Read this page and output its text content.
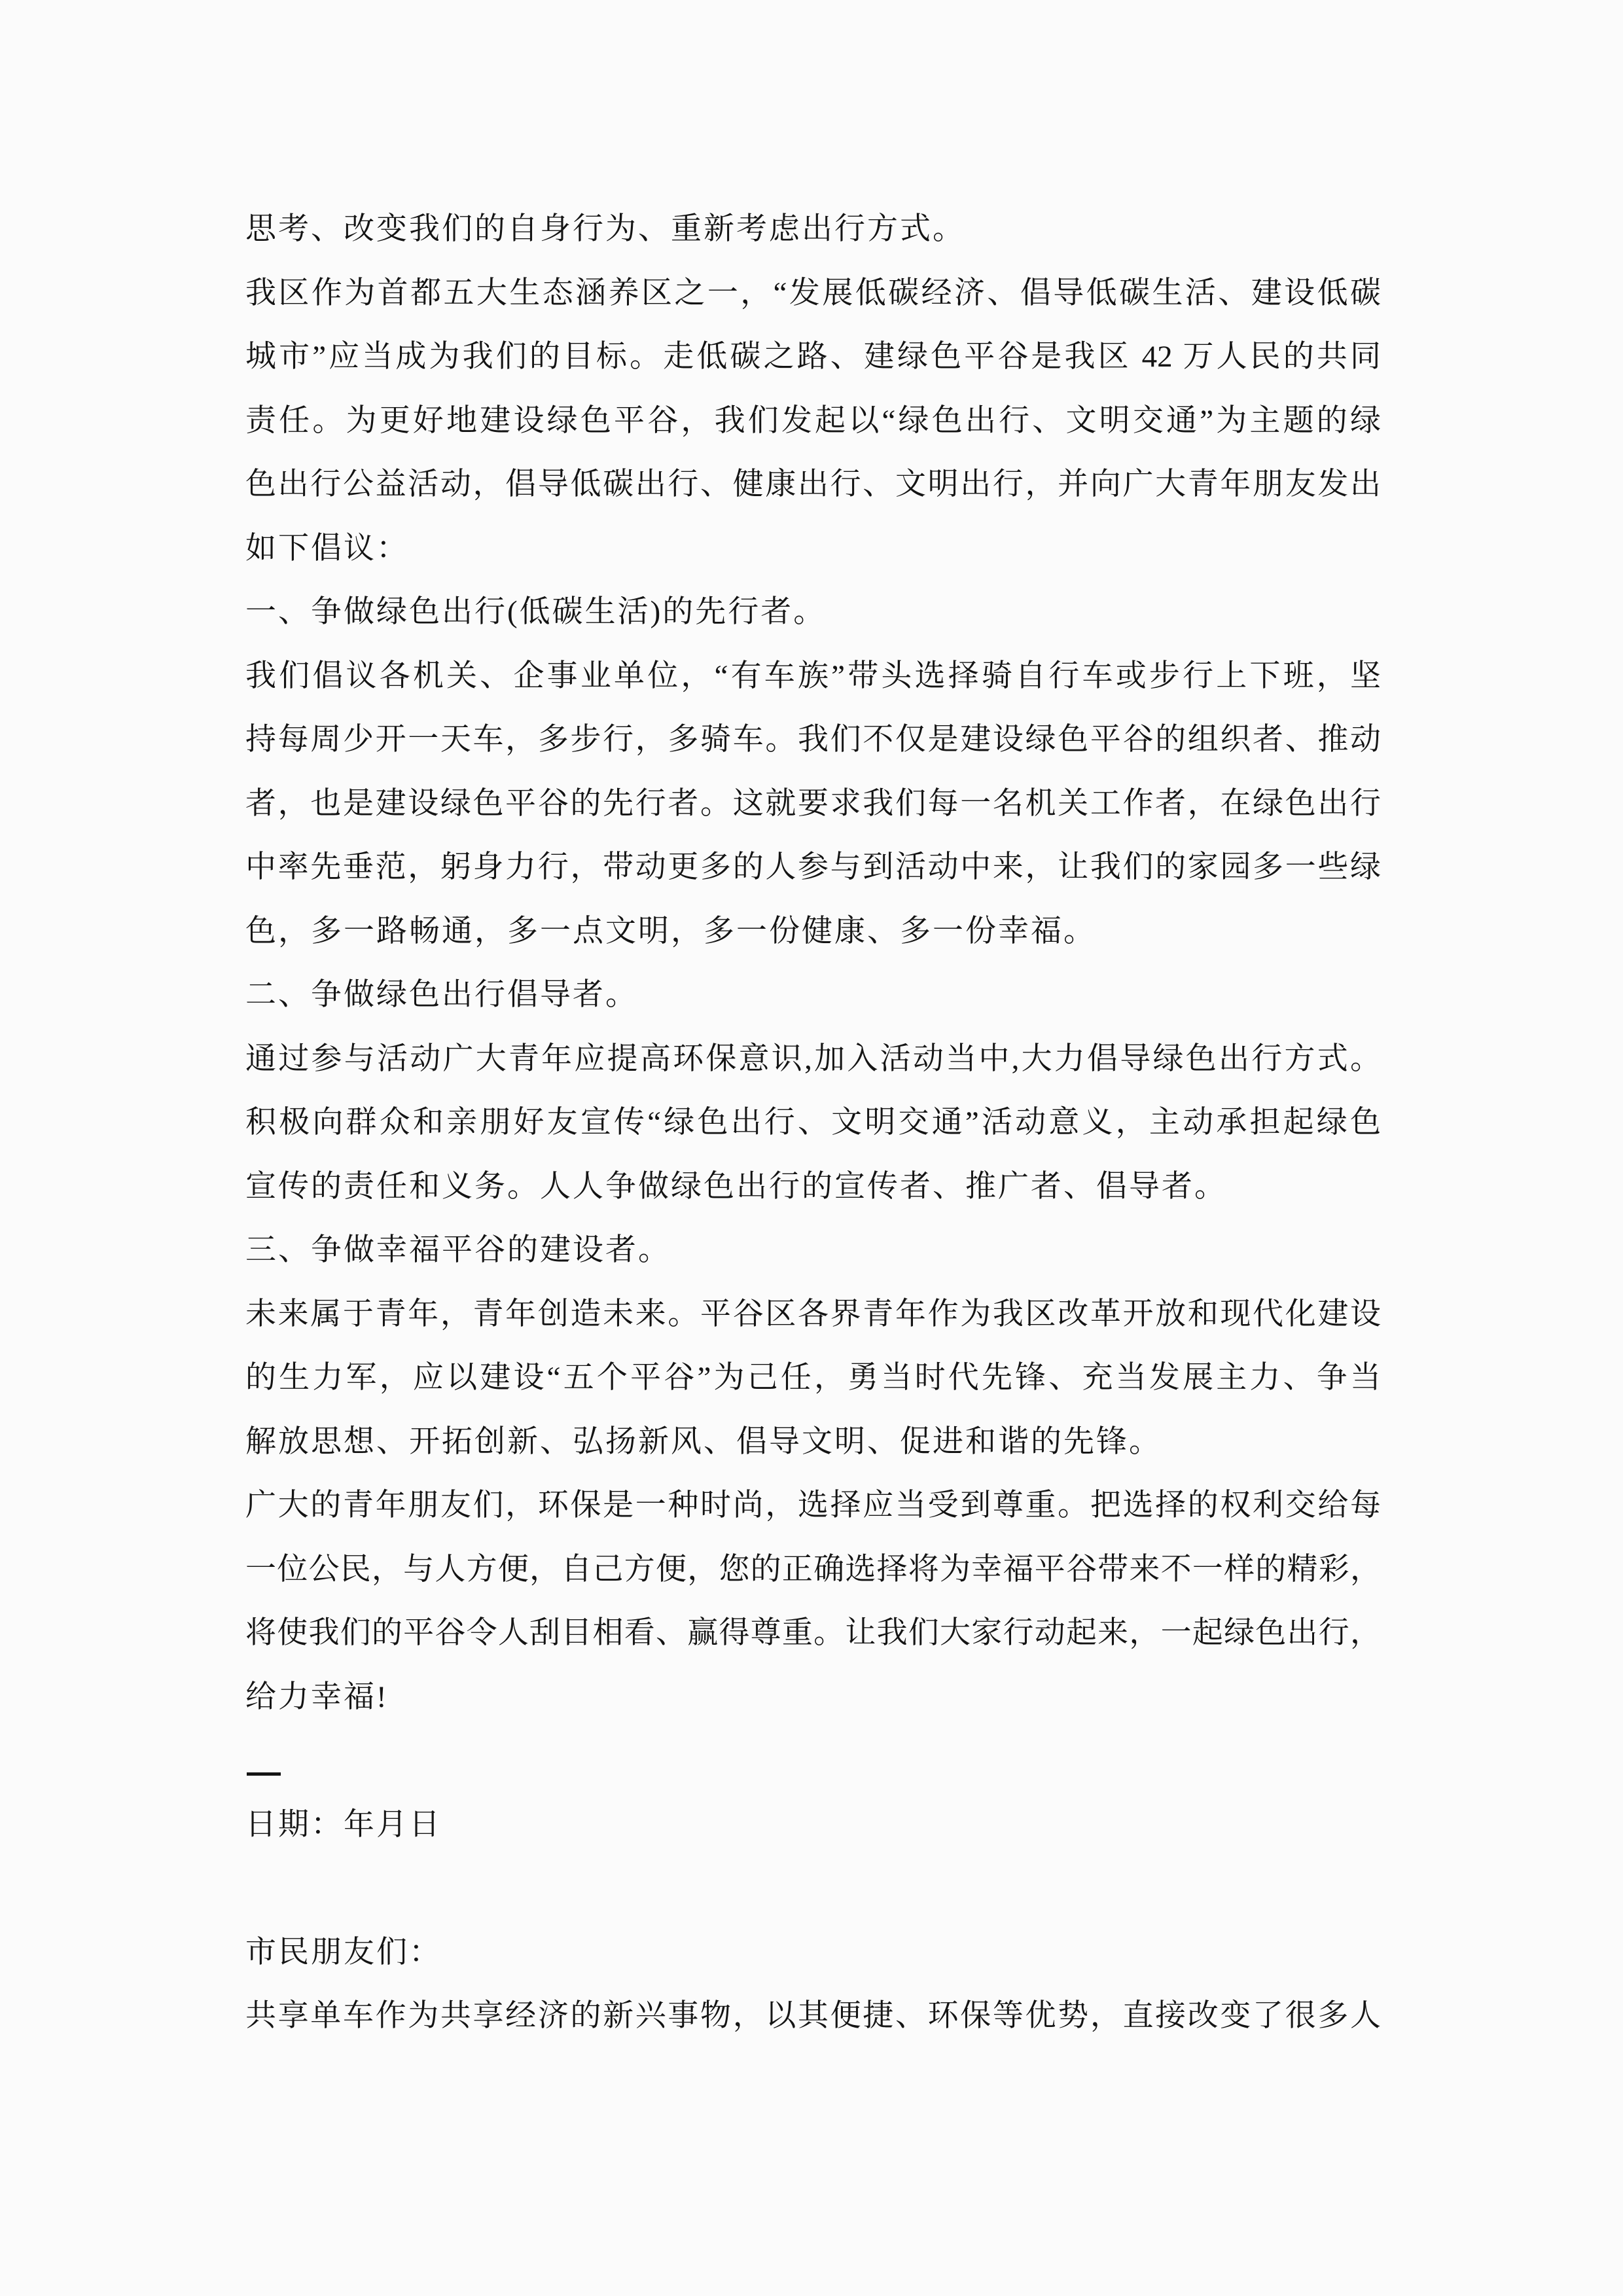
思考、改变我们的自身行为、重新考虑出行方式。
我区作为首都五大生态涵养区之一，“发展低碳经济、倡导低碳生活、建设低碳
城市”应当成为我们的目标。走低碳之路、建绿色平谷是我区 42 万人民的共同
责任。为更好地建设绿色平谷，我们发起以“绿色出行、文明交通”为主题的绿
色出行公益活动，倡导低碳出行、健康出行、文明出行，并向广大青年朋友发出
如下倡议：
一、争做绿色出行(低碳生活)的先行者。
我们倡议各机关、企事业单位，“有车族”带头选择骑自行车或步行上下班，坚
持每周少开一天车，多步行，多骑车。我们不仅是建设绿色平谷的组织者、推动
者，也是建设绿色平谷的先行者。这就要求我们每一名机关工作者，在绿色出行
中率先垂范，躬身力行，带动更多的人参与到活动中来，让我们的家园多一些绿
色，多一路畅通，多一点文明，多一份健康、多一份幸福。
二、争做绿色出行倡导者。
通过参与活动广大青年应提高环保意识,加入活动当中,大力倡导绿色出行方式。
积极向群众和亲朋好友宣传“绿色出行、文明交通”活动意义，主动承担起绿色
宣传的责任和义务。人人争做绿色出行的宣传者、推广者、倡导者。
三、争做幸福平谷的建设者。
未来属于青年，青年创造未来。平谷区各界青年作为我区改革开放和现代化建设
的生力军，应以建设“五个平谷”为己任，勇当时代先锋、充当发展主力、争当
解放思想、开拓创新、弘扬新风、倡导文明、促进和谐的先锋。
广大的青年朋友们，环保是一种时尚，选择应当受到尊重。把选择的权利交给每
一位公民，与人方便，自己方便，您的正确选择将为幸福平谷带来不一样的精彩，
将使我们的平谷令人刮目相看、赢得尊重。让我们大家行动起来，一起绿色出行，
给力幸福!
日期：年月日
市民朋友们：
共享单车作为共享经济的新兴事物，以其便捷、环保等优势，直接改变了很多人
